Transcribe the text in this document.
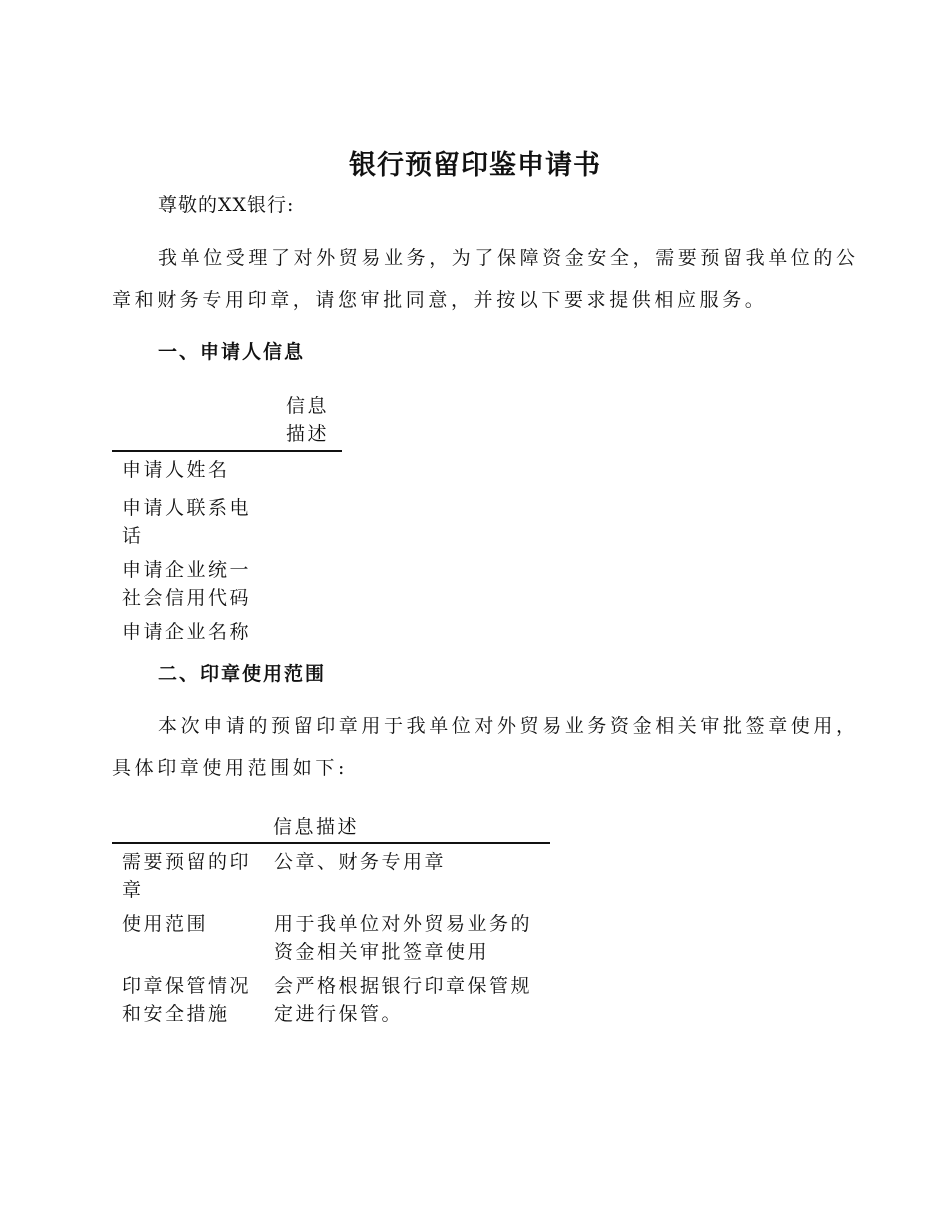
银行预留印鉴申请书
尊敬的XX银行:
我单位受理了对外贸易业务，为了保障资金安全，需要预留我单位的公
章和财务专用印章，请您审批同意，并按以下要求提供相应服务。
一、申请人信息
信息描述
申请人姓名
申请人联系电话
申请企业统一社会信用代码
申请企业名称
二、印章使用范围
本次申请的预留印章用于我单位对外贸易业务资金相关审批签章使用，
具体印章使用范围如下:
信息描述
需要预留的印章
公章、财务专用章
使用范围	用于我单位对外贸易业务的资金相关审批签章使用
印章保管情况和安全措施
会严格根据银行印章保管规定进行保管。
